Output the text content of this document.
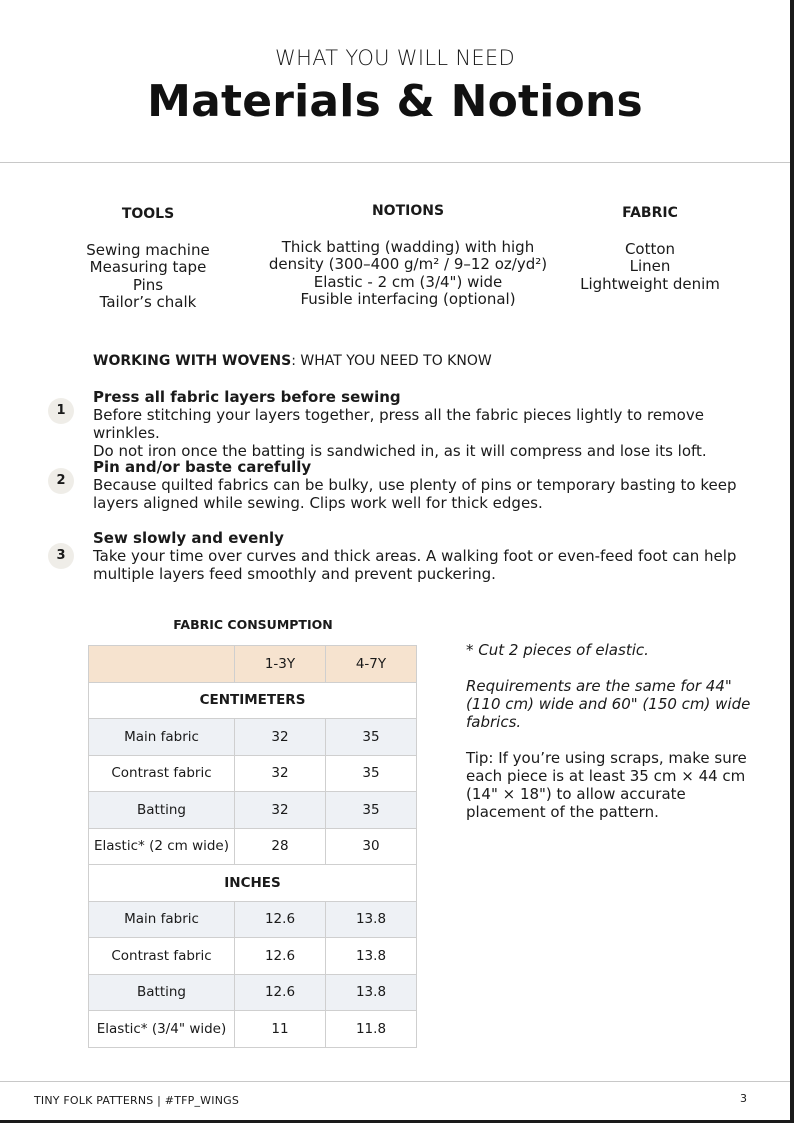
WHAT YOU WILL NEED
Materials & Notions
TOOLS
Sewing machine
Measuring tape
Pins
Tailor’s chalk
NOTIONS
Thick batting (wadding) with high
density (300–400 g/m² / 9–12 oz/yd²)
Elastic - 2 cm (3/4") wide
Fusible interfacing (optional)
FABRIC
Cotton
Linen
Lightweight denim
WORKING WITH WOVENS: WHAT YOU NEED TO KNOW
1
Press all fabric layers before sewing
Before stitching your layers together, press all the fabric pieces lightly to remove wrinkles.
Do not iron once the batting is sandwiched in, as it will compress and lose its loft.
2
Pin and/or baste carefully
Because quilted fabrics can be bulky, use plenty of pins or temporary basting to keep
layers aligned while sewing. Clips work well for thick edges.
3
Sew slowly and evenly
Take your time over curves and thick areas. A walking foot or even-feed foot can help
multiple layers feed smoothly and prevent puckering.
FABRIC CONSUMPTION
	1-3Y	4-7Y
CENTIMETERS		
Main fabric	32	35
Contrast fabric	32	35
Batting	32	35
Elastic* (2 cm wide)	28	30
INCHES		
Main fabric	12.6	13.8
Contrast fabric	12.6	13.8
Batting	12.6	13.8
Elastic* (3/4" wide)	11	11.8
* Cut 2 pieces of elastic.
Requirements are the same for 44" (110 cm) wide and 60" (150 cm) wide fabrics.
Tip: If you’re using scraps, make sure each piece is at least 35 cm × 44 cm (14" × 18") to allow accurate placement of the pattern.
TINY FOLK PATTERNS | #TFP_WINGS	3
